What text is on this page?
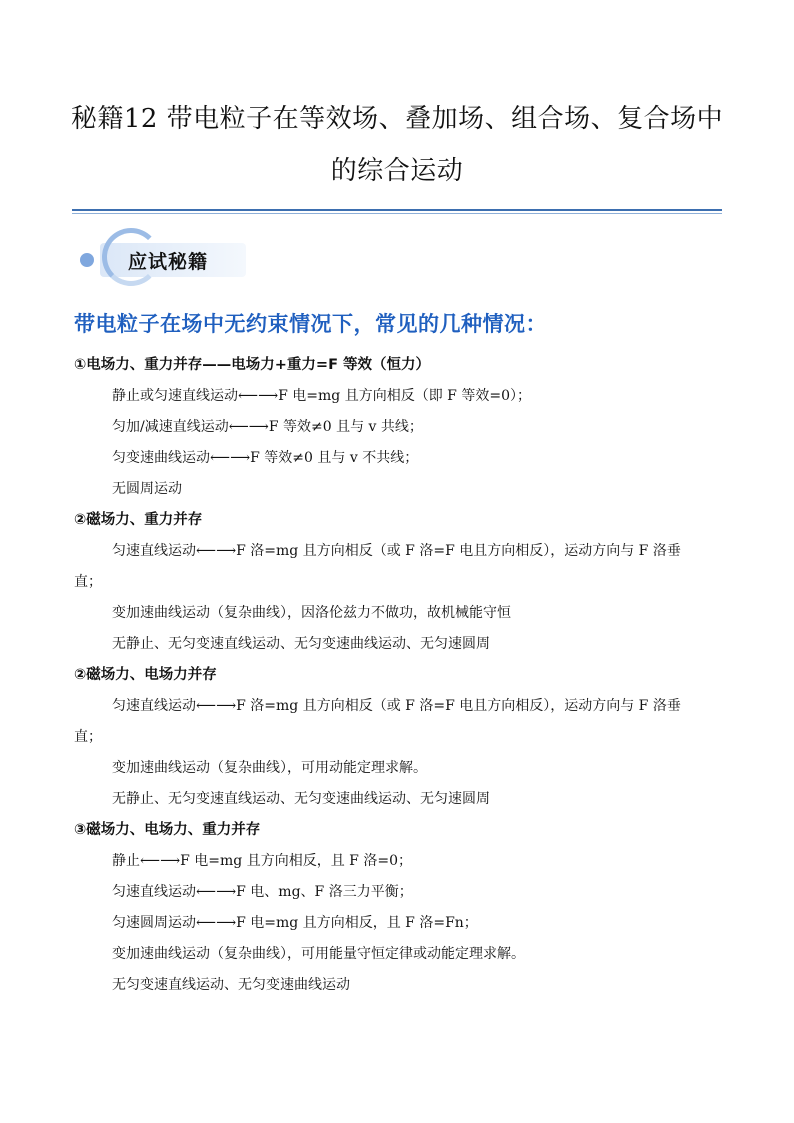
秘籍12 带电粒子在等效场、叠加场、组合场、复合场中
的综合运动
应试秘籍
带电粒子在场中无约束情况下，常见的几种情况：
①电场力、重力并存——电场力+重力=F 等效（恒力）
静止或匀速直线运动⟵⟶F 电=mg 且方向相反（即 F 等效=0）；
匀加/减速直线运动⟵⟶F 等效≠0 且与 v 共线；
匀变速曲线运动⟵⟶F 等效≠0 且与 v 不共线；
无圆周运动
②磁场力、重力并存
匀速直线运动⟵⟶F 洛=mg 且方向相反（或 F 洛=F 电且方向相反），运动方向与 F 洛垂
直；
变加速曲线运动（复杂曲线），因洛伦兹力不做功，故机械能守恒
无静止、无匀变速直线运动、无匀变速曲线运动、无匀速圆周
②磁场力、电场力并存
匀速直线运动⟵⟶F 洛=mg 且方向相反（或 F 洛=F 电且方向相反），运动方向与 F 洛垂
直；
变加速曲线运动（复杂曲线），可用动能定理求解。
无静止、无匀变速直线运动、无匀变速曲线运动、无匀速圆周
③磁场力、电场力、重力并存
静止⟵⟶F 电=mg 且方向相反，且 F 洛=0；
匀速直线运动⟵⟶F 电、mg、F 洛三力平衡；
匀速圆周运动⟵⟶F 电=mg 且方向相反，且 F 洛=Fn；
变加速曲线运动（复杂曲线），可用能量守恒定律或动能定理求解。
无匀变速直线运动、无匀变速曲线运动
